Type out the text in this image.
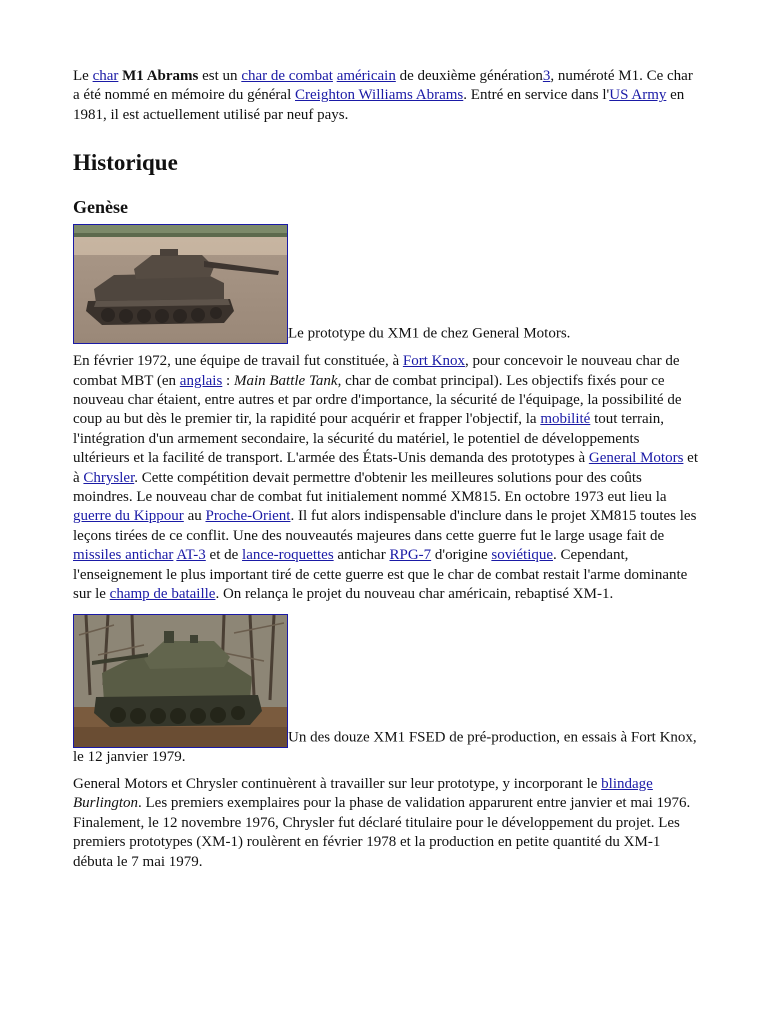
Le char M1 Abrams est un char de combat américain de deuxième génération3, numéroté M1. Ce char a été nommé en mémoire du général Creighton Williams Abrams. Entré en service dans l'US Army en 1981, il est actuellement utilisé par neuf pays.

Historique
Genèse
Le prototype du XM1 de chez General Motors.

En février 1972, une équipe de travail fut constituée, à Fort Knox, pour concevoir le nouveau char de combat MBT (en anglais : Main Battle Tank, char de combat principal). Les objectifs fixés pour ce nouveau char étaient, entre autres et par ordre d'importance, la sécurité de l'équipage, la possibilité de coup au but dès le premier tir, la rapidité pour acquérir et frapper l'objectif, la mobilité tout terrain, l'intégration d'un armement secondaire, la sécurité du matériel, le potentiel de développements ultérieurs et la facilité de transport. L'armée des États-Unis demanda des prototypes à General Motors et à Chrysler. Cette compétition devait permettre d'obtenir les meilleures solutions pour des coûts moindres. Le nouveau char de combat fut initialement nommé XM815. En octobre 1973 eut lieu la guerre du Kippour au Proche-Orient. Il fut alors indispensable d'inclure dans le projet XM815 toutes les leçons tirées de ce conflit. Une des nouveautés majeures dans cette guerre fut le large usage fait de missiles antichar AT-3 et de lance-roquettes antichar RPG-7 d'origine soviétique. Cependant, l'enseignement le plus important tiré de cette guerre est que le char de combat restait l'arme dominante sur le champ de bataille. On relança le projet du nouveau char américain, rebaptisé XM-1.

Un des douze XM1 FSED de pré-production, en essais à Fort Knox, le 12 janvier 1979.

General Motors et Chrysler continuèrent à travailler sur leur prototype, y incorporant le blindage Burlington. Les premiers exemplaires pour la phase de validation apparurent entre janvier et mai 1976. Finalement, le 12 novembre 1976, Chrysler fut déclaré titulaire pour le développement du projet. Les premiers prototypes (XM-1) roulèrent en février 1978 et la production en petite quantité du XM-1 débuta le 7 mai 1979.
